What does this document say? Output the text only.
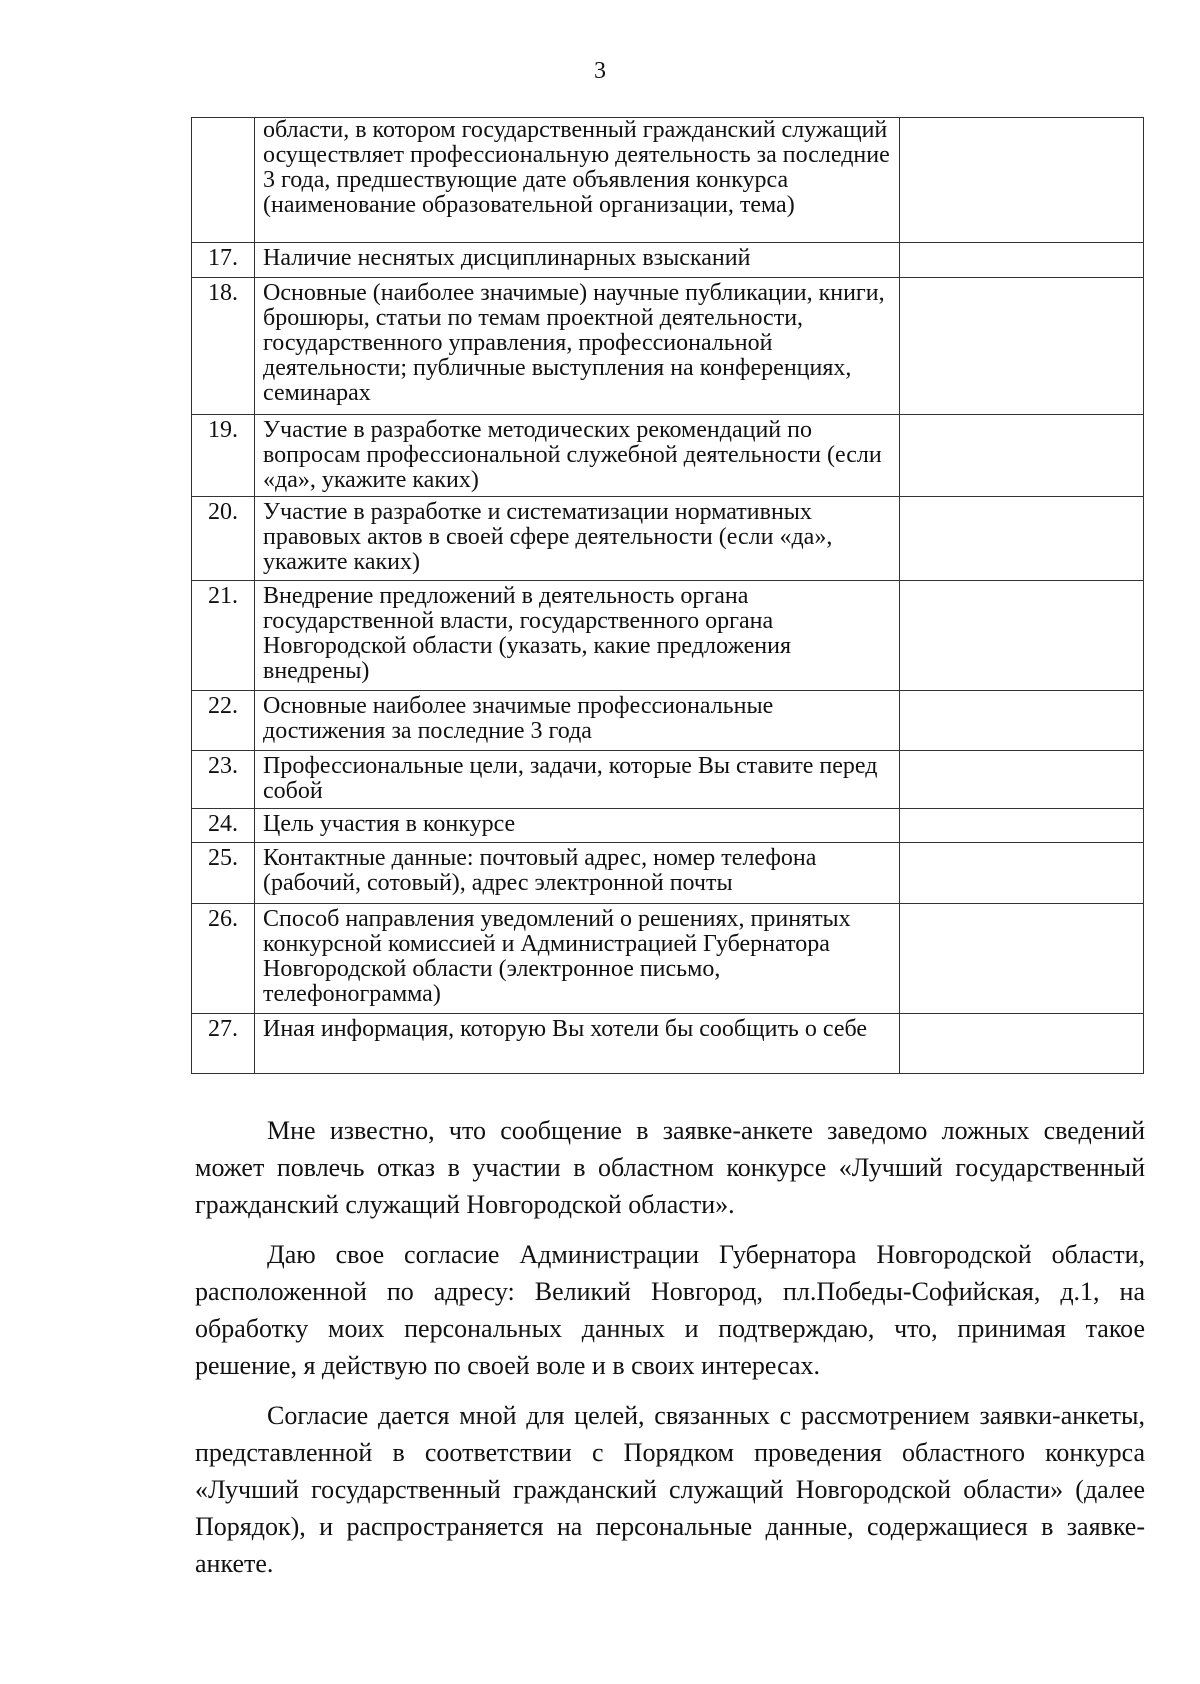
3
	области, в котором государственный гражданский служащий осуществляет профессиональную деятельность за последние 3 года, предшествующие дате объявления конкурса (наименование образовательной организации, тема)	
17.	Наличие неснятых дисциплинарных взысканий	
18.	Основные (наиболее значимые) научные публикации, книги, брошюры, статьи по темам проектной деятельности, государственного управления, профессиональной деятельности; публичные выступления на конференциях, семинарах	
19.	Участие в разработке методических рекомендаций по вопросам профессиональной служебной деятельности (если «да», укажите каких)	
20.	Участие в разработке и систематизации нормативных правовых актов в своей сфере деятельности (если «да», укажите каких)	
21.	Внедрение предложений в деятельность органа государственной власти, государственного органа Новгородской области (указать, какие предложения внедрены)	
22.	Основные наиболее значимые профессиональные достижения за последние 3 года	
23.	Профессиональные цели, задачи, которые Вы ставите перед собой	
24.	Цель участия в конкурсе	
25.	Контактные данные: почтовый адрес, номер телефона (рабочий, сотовый), адрес электронной почты	
26.	Способ направления уведомлений о решениях, принятых конкурсной комиссией и Администрацией Губернатора Новгородской области (электронное письмо, телефонограмма)	
27.	Иная информация, которую Вы хотели бы сообщить о себе	

Мне известно, что сообщение в заявке-анкете заведомо ложных сведений может повлечь отказ в участии в областном конкурсе «Лучший государственный гражданский служащий Новгородской области».

Даю свое согласие Администрации Губернатора Новгородской области, расположенной по адресу: Великий Новгород, пл.Победы-Софийская, д.1, на обработку моих персональных данных и подтверждаю, что, принимая такое решение, я действую по своей воле и в своих интересах.

Согласие дается мной для целей, связанных с рассмотрением заявки-анкеты, представленной в соответствии с Порядком проведения областного конкурса «Лучший государственный гражданский служащий Новгородской области» (далее Порядок), и распространяется на персональные данные, содержащиеся в заявке-анкете.
